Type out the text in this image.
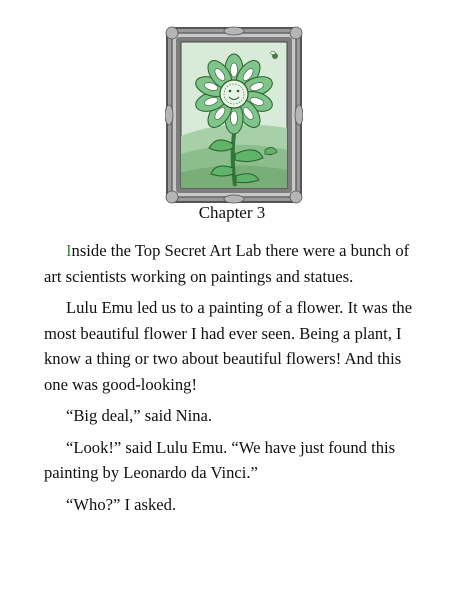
Chapter 3

Inside the Top Secret Art Lab there were a bunch of
art scientists working on paintings and statues.

Lulu Emu led us to a painting of a flower. It was the
most beautiful flower I had ever seen. Being a plant, I
know a thing or two about beautiful flowers! And this
one was good-looking!

“Big deal,” said Nina.

“Look!” said Lulu Emu. “We have just found this
painting by Leonardo da Vinci.”

“Who?” I asked.
